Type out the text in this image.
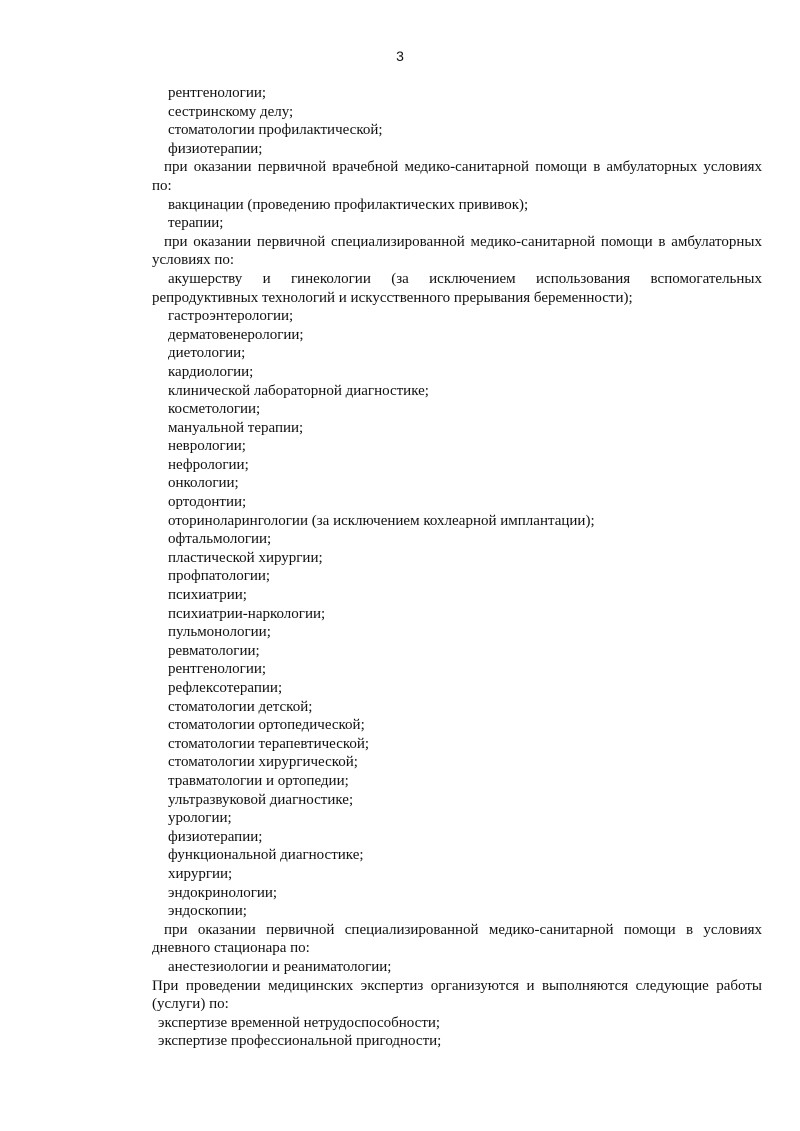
3
рентгенологии;
сестринскому делу;
стоматологии профилактической;
физиотерапии;
при оказании первичной врачебной медико-санитарной помощи в амбулаторных условиях по:
вакцинации (проведению профилактических прививок);
терапии;
при оказании первичной специализированной медико-санитарной помощи в амбулаторных условиях по:
акушерству и гинекологии (за исключением использования вспомогательных репродуктивных технологий и искусственного прерывания беременности);
гастроэнтерологии;
дерматовенерологии;
диетологии;
кардиологии;
клинической лабораторной диагностике;
косметологии;
мануальной терапии;
неврологии;
нефрологии;
онкологии;
ортодонтии;
оториноларингологии (за исключением кохлеарной имплантации);
офтальмологии;
пластической хирургии;
профпатологии;
психиатрии;
психиатрии-наркологии;
пульмонологии;
ревматологии;
рентгенологии;
рефлексотерапии;
стоматологии детской;
стоматологии ортопедической;
стоматологии терапевтической;
стоматологии хирургической;
травматологии и ортопедии;
ультразвуковой диагностике;
урологии;
физиотерапии;
функциональной диагностике;
хирургии;
эндокринологии;
эндоскопии;
при оказании первичной специализированной медико-санитарной помощи в условиях дневного стационара по:
анестезиологии и реаниматологии;
При проведении медицинских экспертиз организуются и выполняются следующие работы (услуги) по:
экспертизе временной нетрудоспособности;
экспертизе профессиональной пригодности;
